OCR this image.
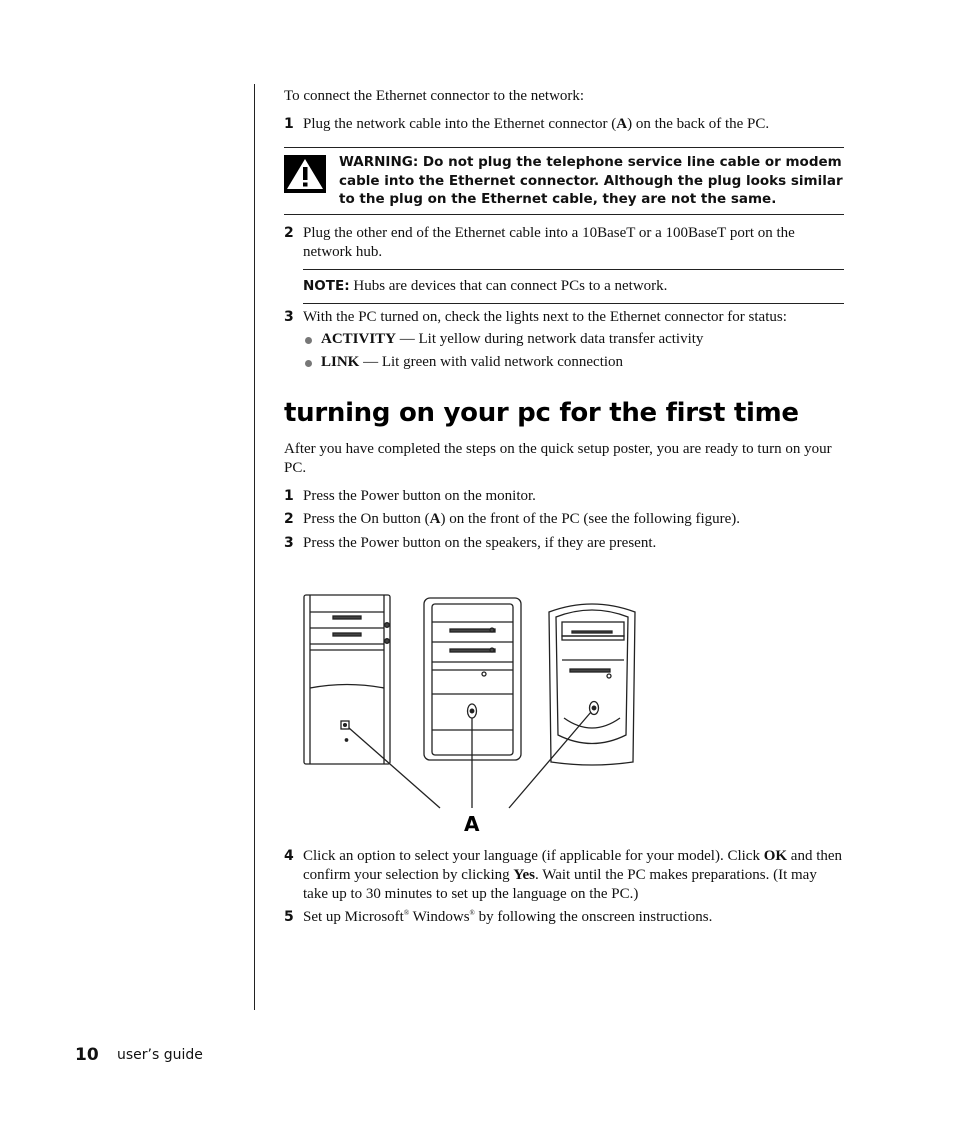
To connect the Ethernet connector to the network:

1 Plug the network cable into the Ethernet connector (A) on the back of the PC.

WARNING: Do not plug the telephone service line cable or modem cable into the Ethernet connector. Although the plug looks similar to the plug on the Ethernet cable, they are not the same.

2 Plug the other end of the Ethernet cable into a 10BaseT or a 100BaseT port on the network hub.

NOTE: Hubs are devices that can connect PCs to a network.

3 With the PC turned on, check the lights next to the Ethernet connector for status:

ACTIVITY — Lit yellow during network data transfer activity

LINK — Lit green with valid network connection

turning on your pc for the first time

After you have completed the steps on the quick setup poster, you are ready to turn on your PC.

1 Press the Power button on the monitor.

2 Press the On button (A) on the front of the PC (see the following figure).

3 Press the Power button on the speakers, if they are present.

4 Click an option to select your language (if applicable for your model). Click OK and then confirm your selection by clicking Yes. Wait until the PC makes preparations. (It may take up to 30 minutes to set up the language on the PC.)

5 Set up Microsoft® Windows® by following the onscreen instructions.

A
10 user’s guide
